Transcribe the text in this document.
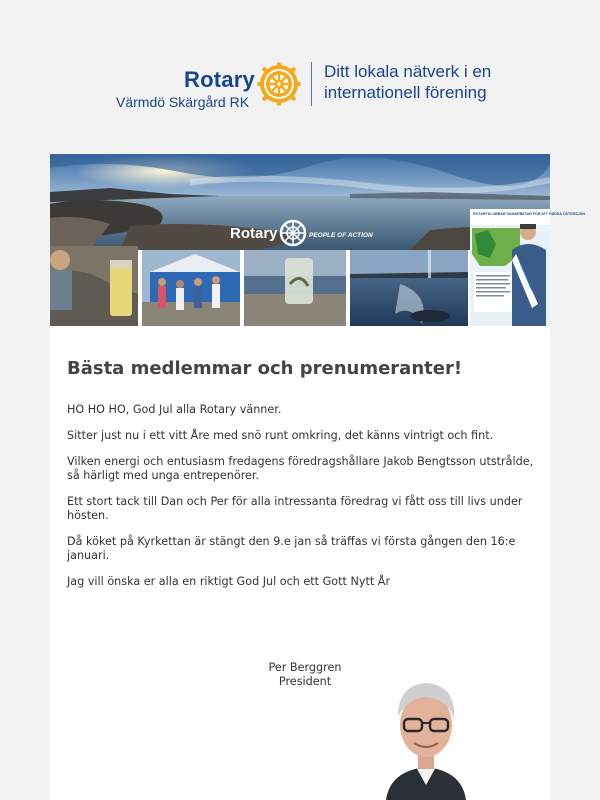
Rotary
Värmdö Skärgård RK
Ditt lokala nätverk i en internationell förening
Rotary	PEOPLE OF ACTION
ROTARYKLUBBAR SAMARBETAR FÖR ATT RÄDDA ÖSTERSJÖN
Bästa medlemmar och prenumeranter!

HO HO HO, God Jul alla Rotary vänner.

Sitter just nu i ett vitt Åre med snö runt omkring, det känns vintrigt och fint.

Vilken energi och entusiasm fredagens föredragshållare Jakob Bengtsson utstrålde, så härligt med unga entrepenörer.

Ett stort tack till Dan och Per för alla intressanta föredrag vi fått oss till livs under hösten.

Då köket på Kyrkettan är stängt den 9.e jan så träffas vi första gången den 16:e januari.

Jag vill önska er alla en riktigt God Jul och ett Gott Nytt År

Per Berggren
President
